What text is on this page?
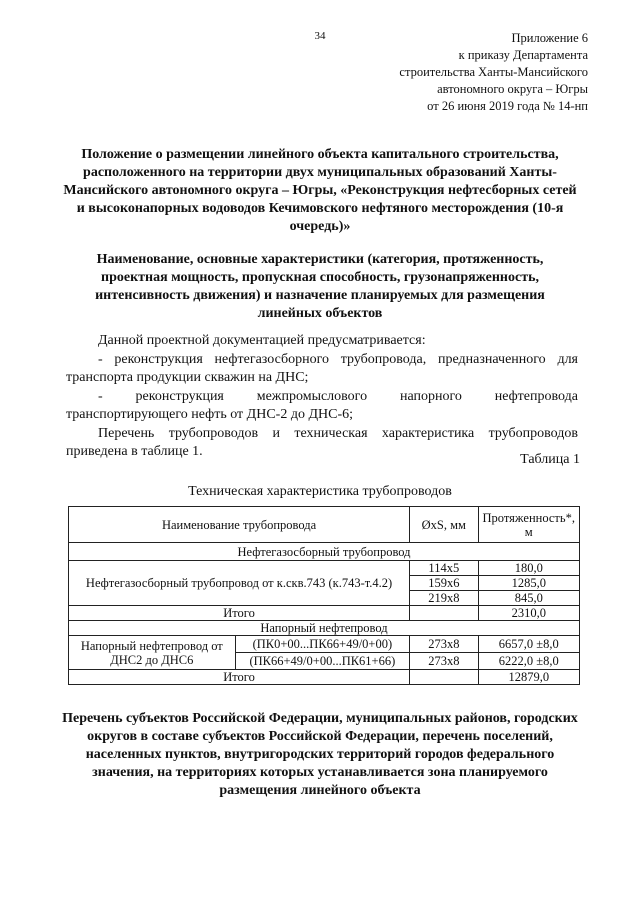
34	Приложение 6
к приказу Департамента
строительства Ханты-Мансийского
автономного округа – Югры
от 26 июня 2019 года № 14-нп
Положение о размещении линейного объекта капитального строительства, расположенного на территории двух муниципальных образований Ханты-Мансийского автономного округа – Югры, «Реконструкция нефтесборных сетей и высоконапорных водоводов Кечимовского нефтяного месторождения (10-я очередь)»
Наименование, основные характеристики (категория, протяженность, проектная мощность, пропускная способность, грузонапряженность, интенсивность движения) и назначение планируемых для размещения линейных объектов

Данной проектной документацией предусматривается:

- реконструкция нефтегазосборного трубопровода, предназначенного для транспорта продукции скважин на ДНС;

- реконструкция межпромыслового напорного нефтепровода

транспортирующего нефть от ДНС-2 до ДНС-6;

Перечень трубопроводов и техническая характеристика трубопроводов приведена в таблице 1.

Таблица 1
Техническая характеристика трубопроводов
Наименование трубопровода		ØxS, мм	Протяженность*, м
Нефтегазосборный трубопровод			
Нефтегазосборный трубопровод от к.скв.743 (к.743-т.4.2)		114x5	180,0
		159x6	1285,0
		219x8	845,0
Итого			2310,0
Напорный нефтепровод			
Напорный нефтепровод от ДНС2 до ДНС6	(ПК0+00...ПК66+49/0+00)	273x8	6657,0 ±8,0
	(ПК66+49/0+00...ПК61+66)	273x8	6222,0 ±8,0
Итого			12879,0
Перечень субъектов Российской Федерации, муниципальных районов, городских округов в составе субъектов Российской Федерации, перечень поселений, населенных пунктов, внутригородских территорий городов федерального значения, на территориях которых устанавливается зона планируемого размещения линейного объекта
